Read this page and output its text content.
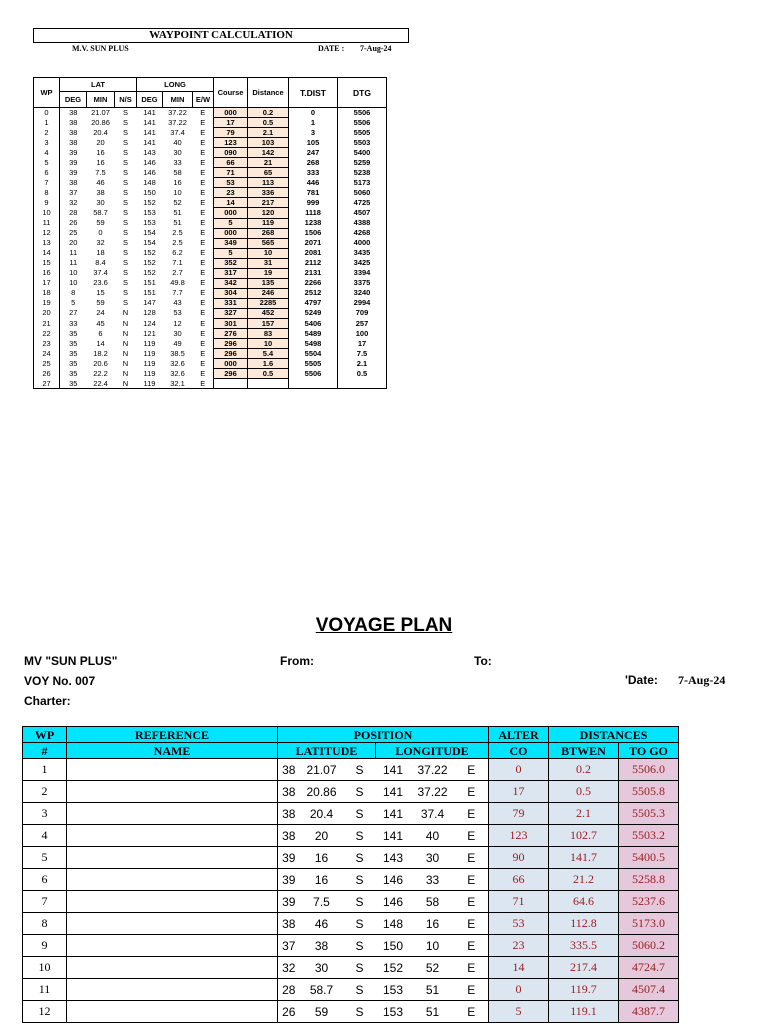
WAYPOINT CALCULATION
M.V. SUN PLUS	DATE : 7-Aug-24
WP	LAT			LONG			Course	Distance	T.DIST	DTG
	DEG	MIN	N/S	DEG	MIN	E/W				
0	38	21.07	S	141	37.22	E	000	0.2	0	5506
1	38	20.86	S	141	37.22	E	17	0.5	1	5506
2	38	20.4	S	141	37.4	E	79	2.1	3	5505
3	38	20	S	141	40	E	123	103	105	5503
4	39	16	S	143	30	E	090	142	247	5400
5	39	16	S	146	33	E	66	21	268	5259
6	39	7.5	S	146	58	E	71	65	333	5238
7	38	46	S	148	16	E	53	113	446	5173
8	37	38	S	150	10	E	23	336	781	5060
9	32	30	S	152	52	E	14	217	999	4725
10	28	58.7	S	153	51	E	000	120	1118	4507
11	26	59	S	153	51	E	5	119	1238	4388
12	25	0	S	154	2.5	E	000	268	1506	4268
13	20	32	S	154	2.5	E	349	565	2071	4000
14	11	18	S	152	6.2	E	5	10	2081	3435
15	11	8.4	S	152	7.1	E	352	31	2112	3425
16	10	37.4	S	152	2.7	E	317	19	2131	3394
17	10	23.6	S	151	49.8	E	342	135	2266	3375
18	8	15	S	151	7.7	E	304	246	2512	3240
19	5	59	S	147	43	E	331	2285	4797	2994
20	27	24	N	128	53	E	327	452	5249	709
21	33	45	N	124	12	E	301	157	5406	257
22	35	6	N	121	30	E	276	83	5489	100
23	35	14	N	119	49	E	296	10	5498	17
24	35	18.2	N	119	38.5	E	296	5.4	5504	7.5
25	35	20.6	N	119	32.6	E	000	1.6	5505	2.1
26	35	22.2	N	119	32.6	E	296	0.5	5506	0.5
27	35	22.4	N	119	32.1	E				
VOYAGE PLAN
MV "SUN PLUS"
VOY No. 007
Charter:
From:	To:
'Date: 7-Aug-24
WP	REFERENCE	POSITION						ALTER	DISTANCES	
#	NAME	LATITUDE			LONGITUDE			CO	BTWEN	TO GO
1		38	21.07	S	141	37.22	E	0	0.2	5506.0
2		38	20.86	S	141	37.22	E	17	0.5	5505.8
3		38	20.4	S	141	37.4	E	79	2.1	5505.3
4		38	20	S	141	40	E	123	102.7	5503.2
5		39	16	S	143	30	E	90	141.7	5400.5
6		39	16	S	146	33	E	66	21.2	5258.8
7		39	7.5	S	146	58	E	71	64.6	5237.6
8		38	46	S	148	16	E	53	112.8	5173.0
9		37	38	S	150	10	E	23	335.5	5060.2
10		32	30	S	152	52	E	14	217.4	4724.7
11		28	58.7	S	153	51	E	0	119.7	4507.4
12		26	59	S	153	51	E	5	119.1	4387.7
